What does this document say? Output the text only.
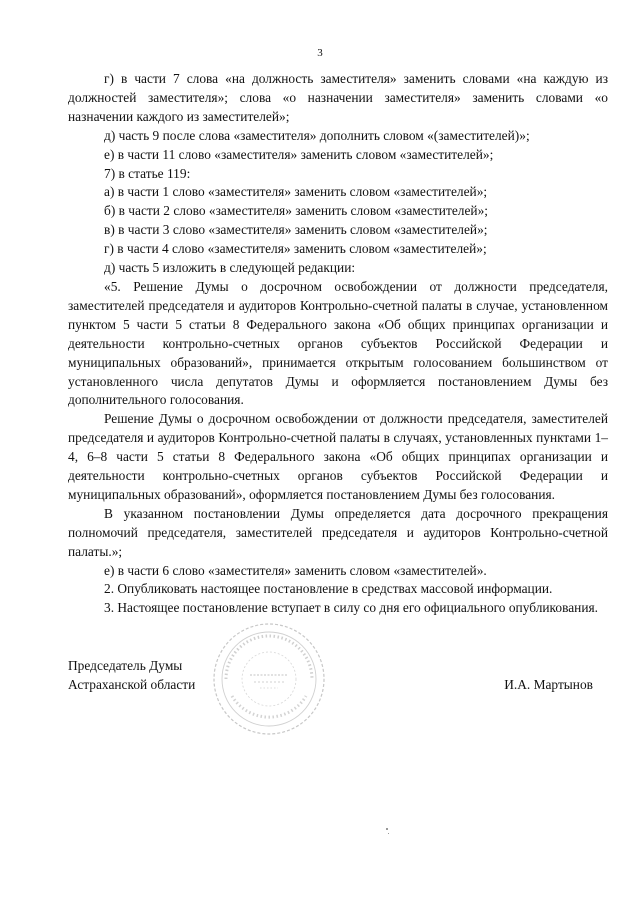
3

г) в части 7 слова «на должность заместителя» заменить словами «на каждую из должностей заместителя»; слова «о назначении заместителя» заменить словами «о назначении каждого из заместителей»;

д) часть 9 после слова «заместителя» дополнить словом «(заместителей)»;

е) в части 11 слово «заместителя» заменить словом «заместителей»;

7) в статье 119:

а) в части 1 слово «заместителя» заменить словом «заместителей»;

б) в части 2 слово «заместителя» заменить словом «заместителей»;

в) в части 3 слово «заместителя» заменить словом «заместителей»;

г) в части 4 слово «заместителя» заменить словом «заместителей»;

д) часть 5 изложить в следующей редакции:

«5. Решение Думы о досрочном освобождении от должности председателя, заместителей председателя и аудиторов Контрольно-счетной палаты в случае, установленном пунктом 5 части 5 статьи 8 Федерального закона «Об общих принципах организации и деятельности контрольно-счетных органов субъектов Российской Федерации и муниципальных образований», принимается открытым голосованием большинством от установленного числа депутатов Думы и оформляется постановлением Думы без дополнительного голосования.

Решение Думы о досрочном освобождении от должности председателя, заместителей председателя и аудиторов Контрольно-счетной палаты в случаях, установленных пунктами 1–4, 6–8 части 5 статьи 8 Федерального закона «Об общих принципах организации и деятельности контрольно-счетных органов субъектов Российской Федерации и муниципальных образований», оформляется постановлением Думы без голосования.

В указанном постановлении Думы определяется дата досрочного прекращения полномочий председателя, заместителей председателя и аудиторов Контрольно-счетной палаты.»;

е) в части 6 слово «заместителя» заменить словом «заместителей».

2. Опубликовать настоящее постановление в средствах массовой информации.

3. Настоящее постановление вступает в силу со дня его официального опубликования.

Председатель Думы
Астраханской области	И.А. Мартынов
